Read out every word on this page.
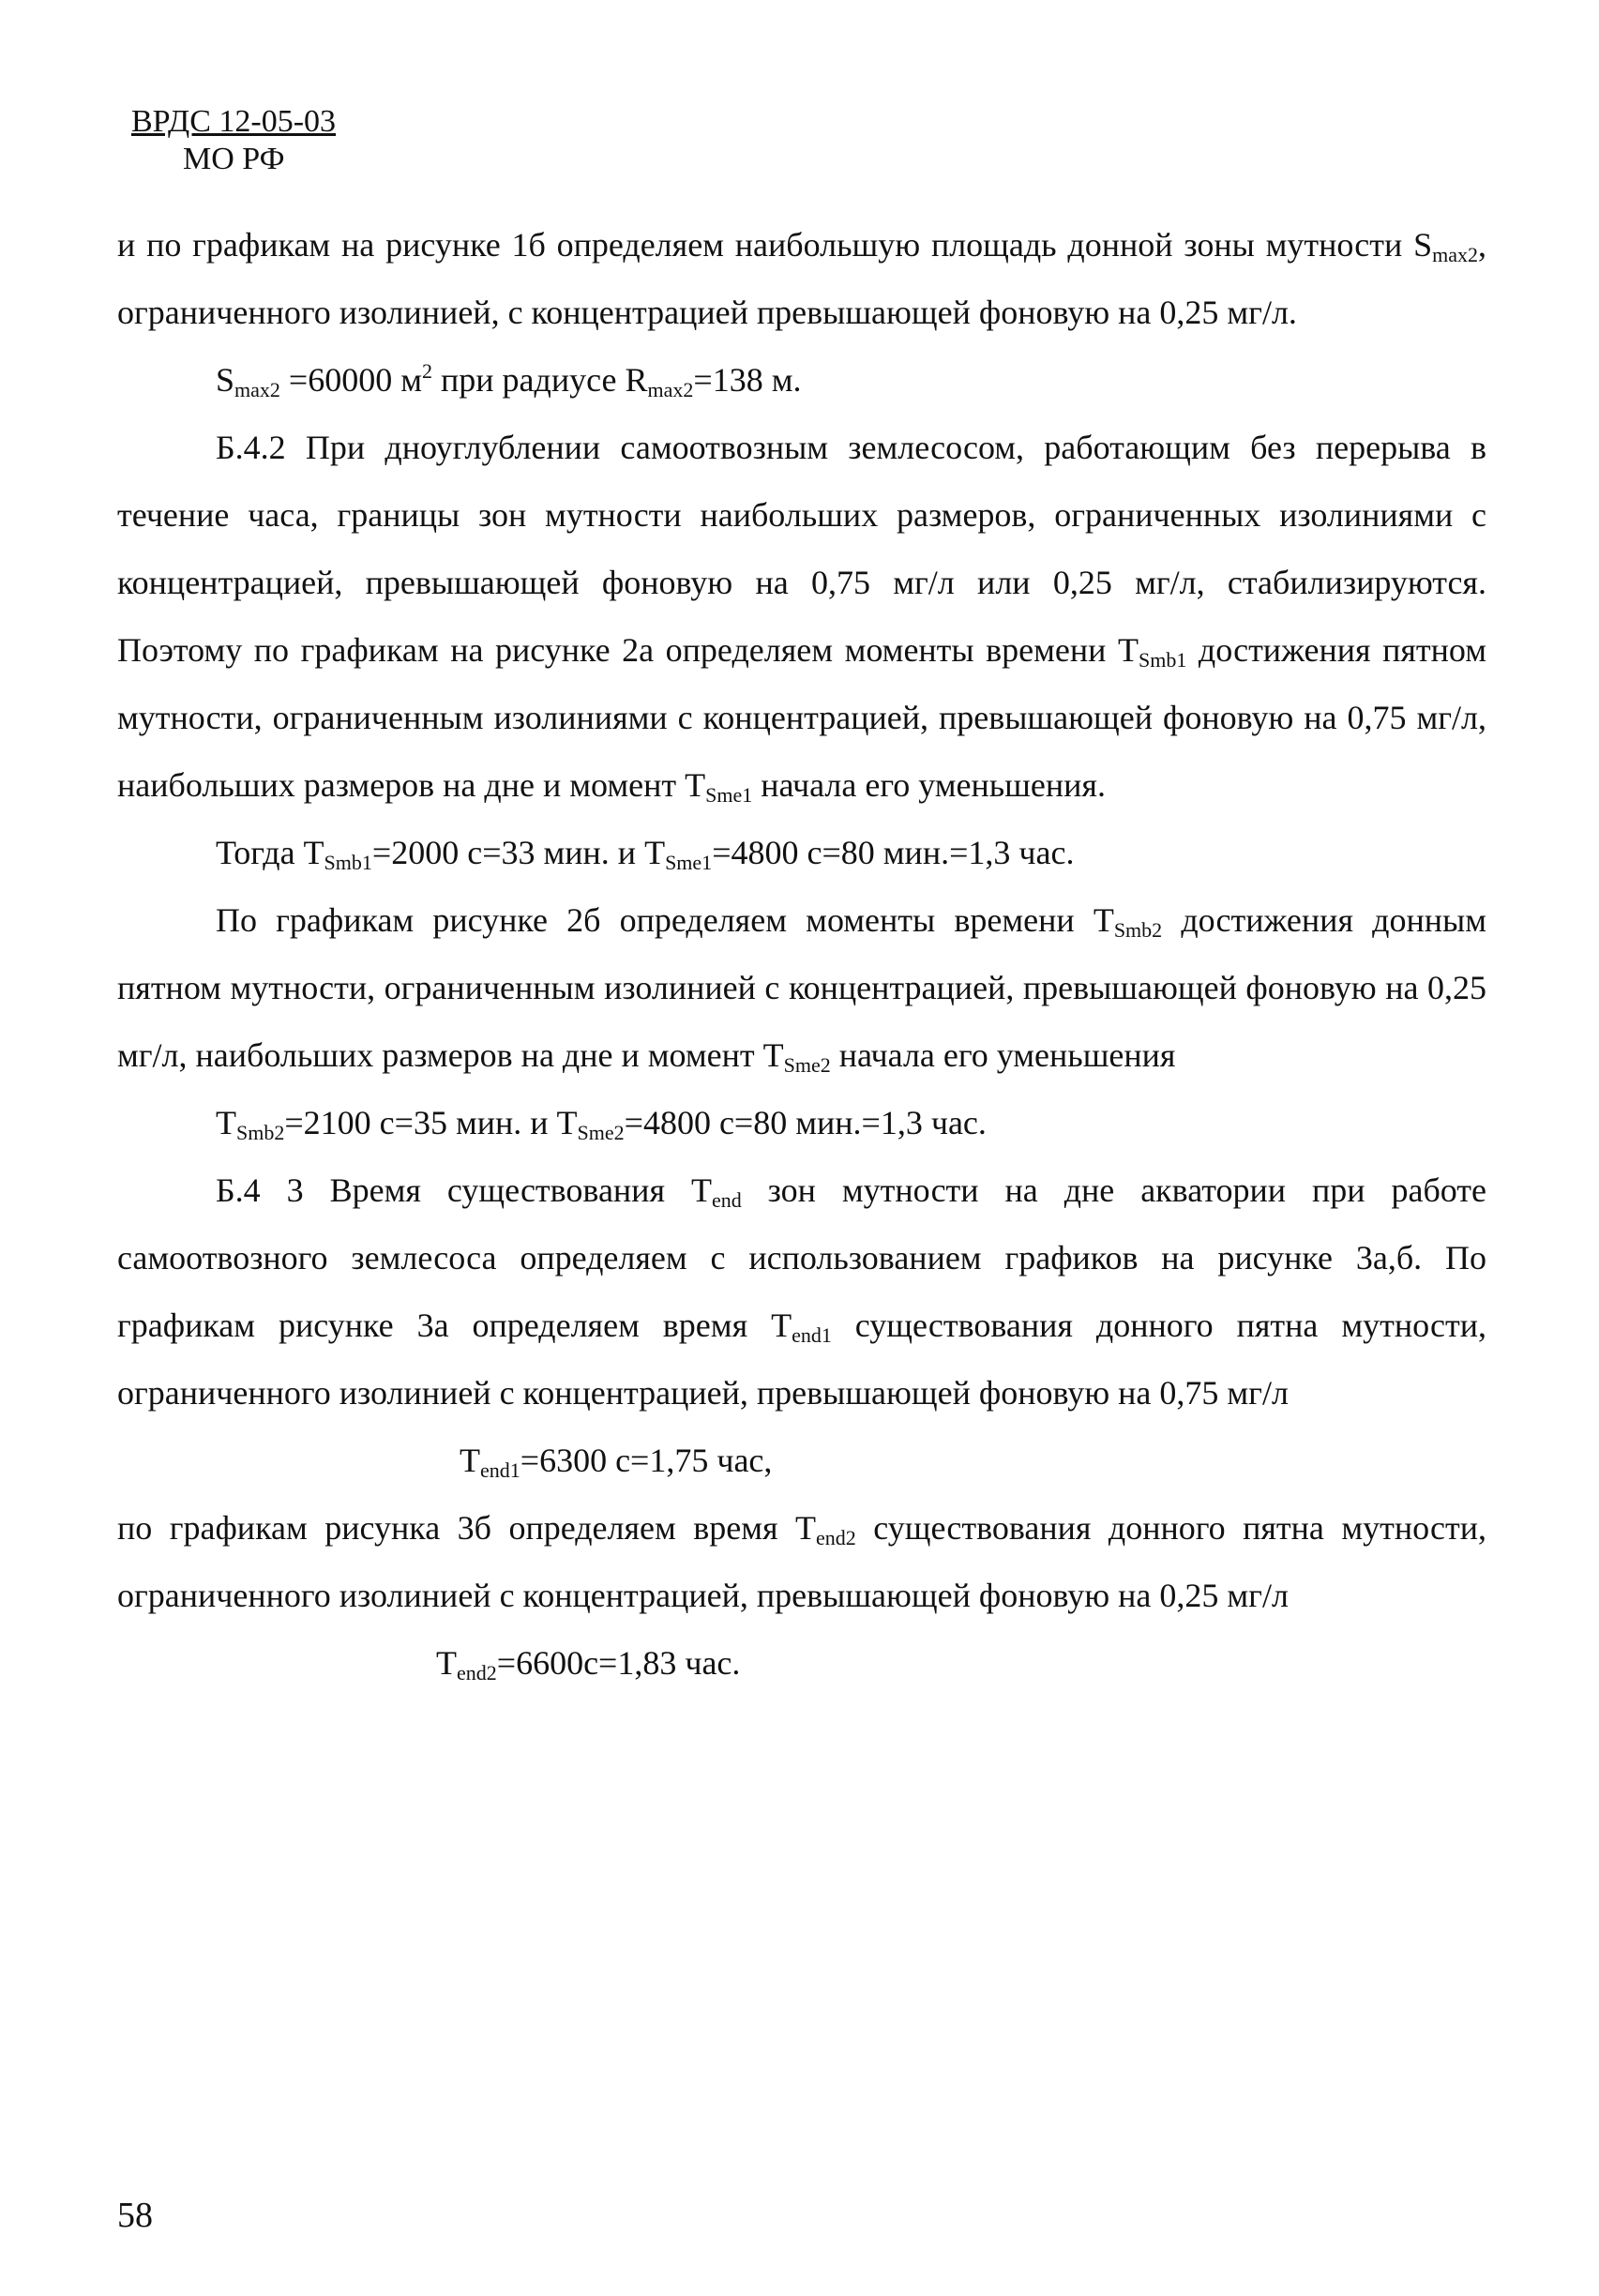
ВРДС 12-05-03
МО РФ

и по графикам на рисунке 1б определяем наибольшую площадь донной зоны мутности $S_{max2}$, ограниченного изолинией, с концентрацией превышающей фоновую на 0,25 мг/л.

$S_{max2} =60000$ $м^2$ при радиусе $R_{max2}=138$ м.

Б.4.2 При дноуглублении самоотвозным землесосом, работающим без перерыва в течение часа, границы зон мутности наибольших размеров, ограниченных изолиниями с концентрацией, превышающей фоновую на 0,75 мг/л или 0,25 мг/л, стабилизируются. Поэтому по графикам на рисунке 2а определяем моменты времени $T_{Smb1}$ достижения пятном мутности, ограниченным изолиниями с концентрацией, превышающей фоновую на 0,75 мг/л, наибольших размеров на дне и момент $T_{Sme1}$ начала его уменьшения.

Тогда $T_{Smb1}=2000$ с=33 мин. и $T_{Sme1}=4800$ с=80 мин.=1,3 час.

По графикам рисунке 2б определяем моменты времени $T_{Smb2}$ достижения донным пятном мутности, ограниченным изолинией с концентрацией, превышающей фоновую на 0,25 мг/л, наибольших размеров на дне и момент $T_{Sme2}$ начала его уменьшения

$T_{Smb2}=2100$ с=35 мин. и $T_{Sme2}=4800$ с=80 мин.=1,3 час.

Б.4 3 Время существования $T_{end}$ зон мутности на дне акватории при работе самоотвозного землесоса определяем с использованием графиков на рисунке 3а,б. По графикам рисунке 3а определяем время $T_{end1}$ существования донного пятна мутности, ограниченного изолинией с концентрацией, превышающей фоновую на 0,75 мг/л

$T_{end1}=6300$ с=1,75 час,

по графикам рисунка 3б определяем время $T_{end2}$ существования донного пятна мутности, ограниченного изолинией с концентрацией, превышающей фоновую на 0,25 мг/л

$T_{end2}=6600с=1,83$ час.

58
